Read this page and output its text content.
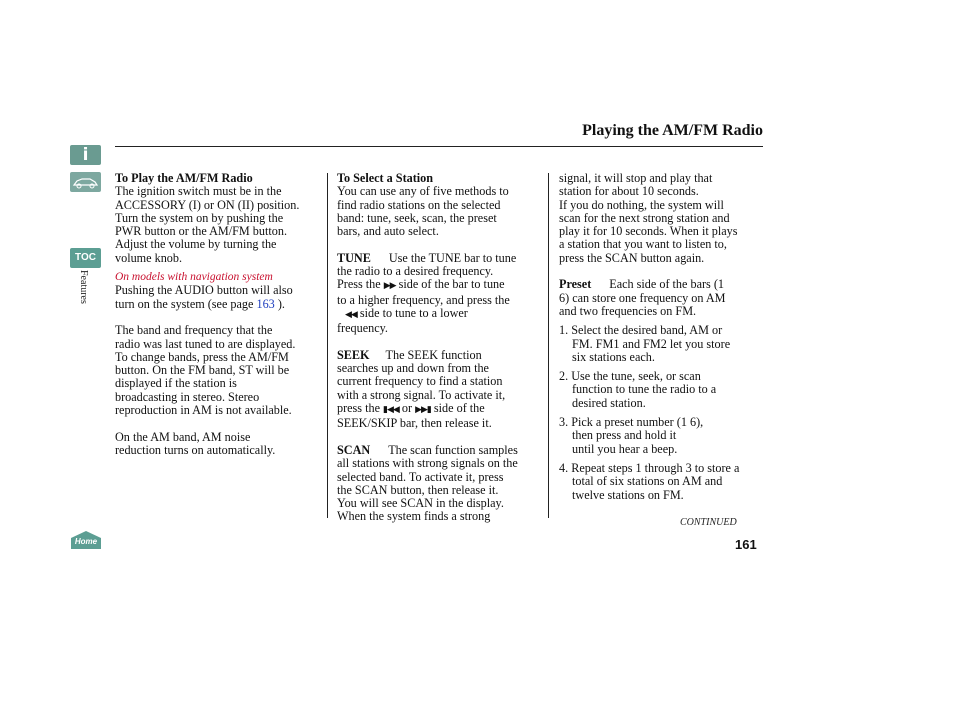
Playing the AM/FM Radio
i
TOC
Features
Home

To Play the AM/FM Radio

The ignition switch must be in the

ACCESSORY (I) or ON (II) position.

Turn the system on by pushing the

PWR button or the AM/FM button.

Adjust the volume by turning the

volume knob.

On models with navigation system

Pushing the AUDIO button will also

turn on the system (see page 163 ).

The band and frequency that the

radio was last tuned to are displayed.

To change bands, press the AM/FM

button. On the FM band, ST will be

displayed if the station is

broadcasting in stereo. Stereo

reproduction in AM is not available.

On the AM band, AM noise

reduction turns on automatically.

To Select a Station

You can use any of five methods to

find radio stations on the selected

band: tune, seek, scan, the preset

bars, and auto select.

TUNE Use the TUNE bar to tune

the radio to a desired frequency.

Press the ▶▶ side of the bar to tune

to a higher frequency, and press the

◀◀ side to tune to a lower

frequency.

SEEK The SEEK function

searches up and down from the

current frequency to find a station

with a strong signal. To activate it,

press the ▮◀◀ or ▶▶▮ side of the

SEEK/SKIP bar, then release it.

SCAN The scan function samples

all stations with strong signals on the

selected band. To activate it, press

the SCAN button, then release it.

You will see SCAN in the display.

When the system finds a strong

signal, it will stop and play that

station for about 10 seconds.

If you do nothing, the system will

scan for the next strong station and

play it for 10 seconds. When it plays

a station that you want to listen to,

press the SCAN button again.

Preset Each side of the bars (1

6) can store one frequency on AM

and two frequencies on FM.

1. Select the desired band, AM or

FM. FM1 and FM2 let you store

six stations each.

2. Use the tune, seek, or scan

function to tune the radio to a

desired station.

3. Pick a preset number (1 6),

then press and hold it

until you hear a beep.

4. Repeat steps 1 through 3 to store a

total of six stations on AM and

twelve stations on FM.

CONTINUED
161
